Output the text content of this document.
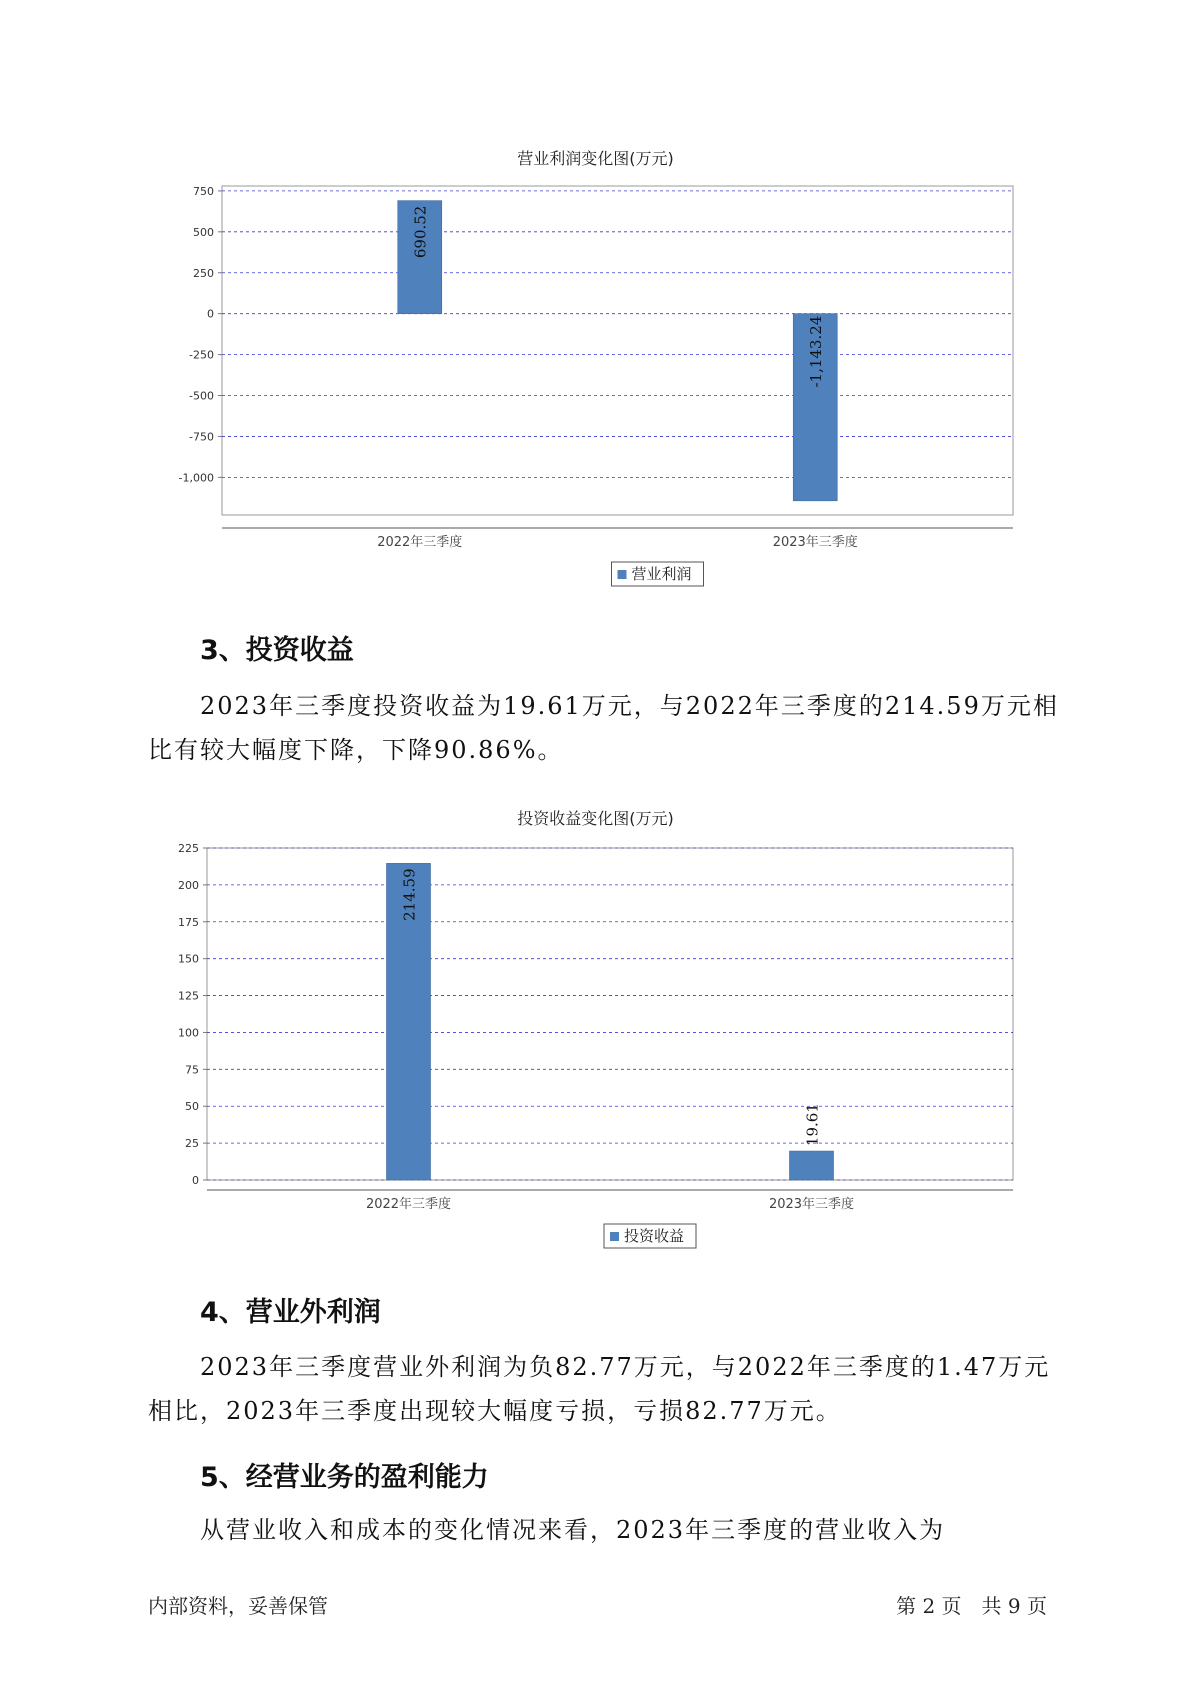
营业利润变化图(万元)
750
500
250
0
-250
-500
-750
-1,000
2022年三季度
690.52
2023年三季度
-1,143.24
营业利润
3、投资收益

2023年三季度投资收益为19.61万元，与2022年三季度的214.59万元相比有较大幅度下降，下降90.86%。

投资收益变化图(万元)
225
200
175
150
125
100
75
50
25
0
2022年三季度
214.59
2023年三季度
19.61
投资收益
4、营业外利润

2023年三季度营业外利润为负82.77万元，与2022年三季度的1.47万元相比，2023年三季度出现较大幅度亏损，亏损82.77万元。

5、经营业务的盈利能力

从营业收入和成本的变化情况来看，2023年三季度的营业收入为

内部资料，妥善保管	第 2 页　共 9 页
